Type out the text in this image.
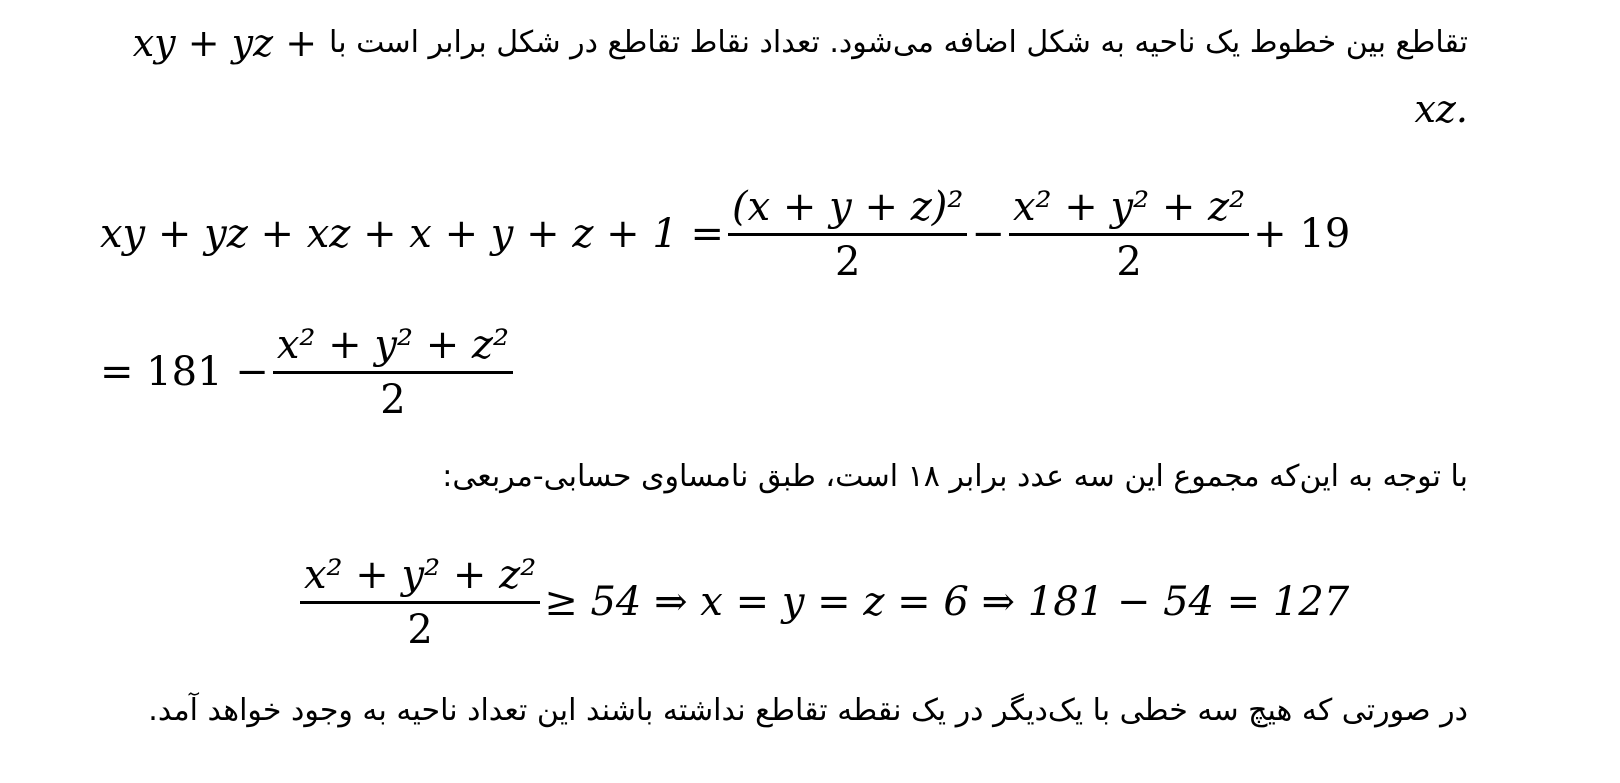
تقاطع بین خطوط یک ناحیه به شکل اضافه می‌شود. تعداد نقاط تقاطع در شکل برابر است با
xy + yz +
.xz
xy + yz + xz + $x + y + z + 1 = \frac{\text{(x + y + z)²}}{2} - \frac{\text{x² + y² + z²}}{2} + 19$
= $181 - \frac{\text{x² + y² + z²}}{2}$
با توجه به این‌که مجموع این سه عدد برابر ۱۸ است، طبق نامساوی حسابی-مربعی:
$\frac{\text{x² + y² + z²}}{2} \ge 54$ ⇒ x = y = z = 6 ⇒ 181 − 54 = 127
در صورتی که هیچ سه خطی با یک‌دیگر در یک نقطه تقاطع نداشته باشند این تعداد ناحیه به وجود خواهد آمد.
